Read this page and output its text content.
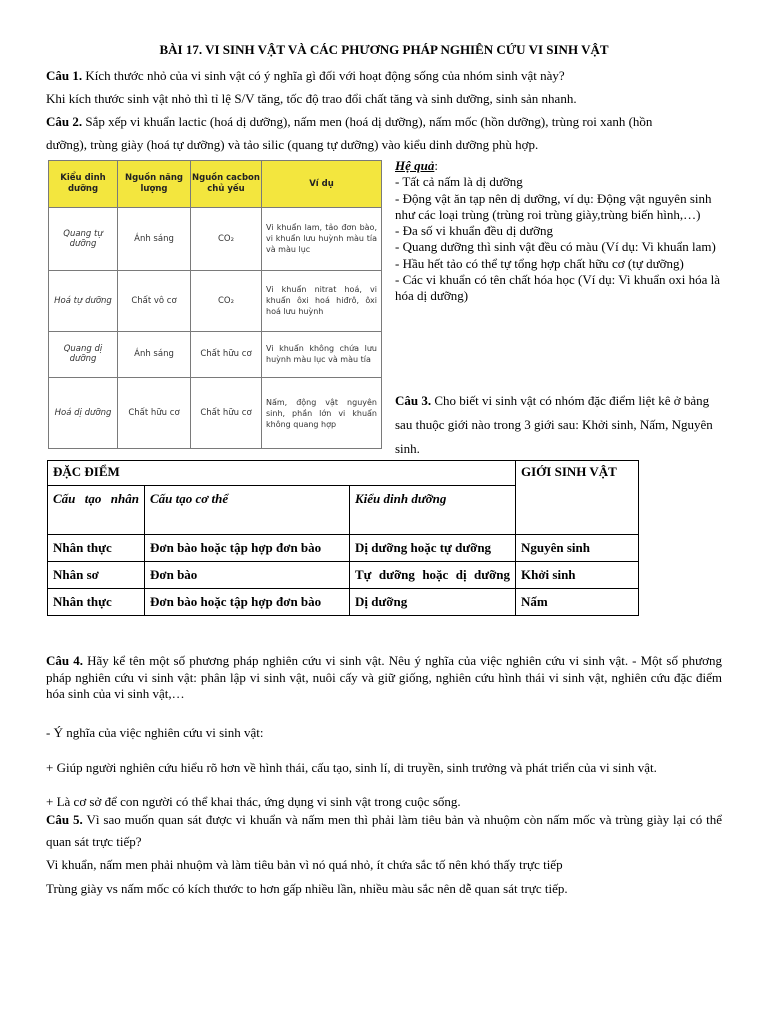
BÀI 17. VI SINH VẬT VÀ CÁC PHƯƠNG PHÁP NGHIÊN CỨU VI SINH VẬT
Câu 1. Kích thước nhỏ của vi sinh vật có ý nghĩa gì đối với hoạt động sống của nhóm sinh vật này?
Khi kích thước sinh vật nhỏ thì tỉ lệ S/V tăng, tốc độ trao đổi chất tăng và sinh dưỡng, sinh sản nhanh.
Câu 2. Sắp xếp vi khuẩn lactic (hoá dị dưỡng), nấm men (hoá dị dưỡng), nấm mốc (hồn dưỡng), trùng roi xanh (hồn
dưỡng), trùng giày (hoá tự dưỡng) và tảo silic (quang tự dưỡng) vào kiểu dinh dưỡng phù hợp.
Kiểu dinh dưỡng	Nguồn năng lượng	Nguồn cacbon chủ yếu	Ví dụ
Quang tự dưỡng	Ánh sáng	CO₂	Vi khuẩn lam, tảo đơn bào, vi khuẩn lưu huỳnh màu tía và màu lục
Hoá tự dưỡng	Chất vô cơ	CO₂	Vi khuẩn nitrat hoá, vi khuẩn ôxi hoá hiđrô, ôxi hoá lưu huỳnh
Quang dị dưỡng	Ánh sáng	Chất hữu cơ	Vi khuẩn không chứa lưu huỳnh màu lục và màu tía
Hoá dị dưỡng	Chất hữu cơ	Chất hữu cơ	Nấm, động vật nguyên sinh, phần lớn vi khuẩn không quang hợp
Hệ quả:
- Tất cả nấm là dị dưỡng
- Động vật ăn tạp nên dị dưỡng, ví dụ: Động vật nguyên sinh như các loại trùng (trùng roi trùng giày,trùng biến hình,…)
- Đa số vi khuẩn đều dị dưỡng
- Quang dưỡng thì sinh vật đều có màu (Ví dụ: Vi khuẩn lam)
- Hầu hết tảo có thể tự tổng hợp chất hữu cơ (tự dưỡng)
- Các vi khuẩn có tên chất hóa học (Ví dụ: Vi khuẩn oxi hóa là hóa dị dưỡng)
Câu 3. Cho biết vi sinh vật có nhóm đặc điểm liệt kê ở bảng sau thuộc giới nào trong 3 giới sau: Khởi sinh, Nấm, Nguyên sinh.
ĐẶC ĐIỂM			GIỚI SINH VẬT
Cấu tạo nhân	Cấu tạo cơ thể	Kiểu dinh dưỡng	
Nhân thực	Đơn bào hoặc tập hợp đơn bào	Dị dưỡng hoặc tự dưỡng	Nguyên sinh
Nhân sơ	Đơn bào	Tự dưỡng hoặc dị dưỡng	Khởi sinh
Nhân thực	Đơn bào hoặc tập hợp đơn bào	Dị dưỡng	Nấm
Câu 4. Hãy kể tên một số phương pháp nghiên cứu vi sinh vật. Nêu ý nghĩa của việc nghiên cứu vi sinh vật. - Một số phương pháp nghiên cứu vi sinh vật: phân lập vi sinh vật, nuôi cấy và giữ giống, nghiên cứu hình thái vi sinh vật, nghiên cứu đặc điểm hóa sinh của vi sinh vật,…
- Ý nghĩa của việc nghiên cứu vi sinh vật:
+ Giúp người nghiên cứu hiểu rõ hơn về hình thái, cấu tạo, sinh lí, di truyền, sinh trưởng và phát triển của vi sinh vật.
+ Là cơ sở để con người có thể khai thác, ứng dụng vi sinh vật trong cuộc sống.
Câu 5. Vì sao muốn quan sát được vi khuẩn và nấm men thì phải làm tiêu bản và nhuộm còn nấm mốc và trùng giày lại có thể quan sát trực tiếp?
Vi khuẩn, nấm men phải nhuộm và làm tiêu bản vì nó quá nhỏ, ít chứa sắc tố nên khó thấy trực tiếp
Trùng giày vs nấm mốc có kích thước to hơn gấp nhiều lần, nhiều màu sắc nên dễ quan sát trực tiếp.
